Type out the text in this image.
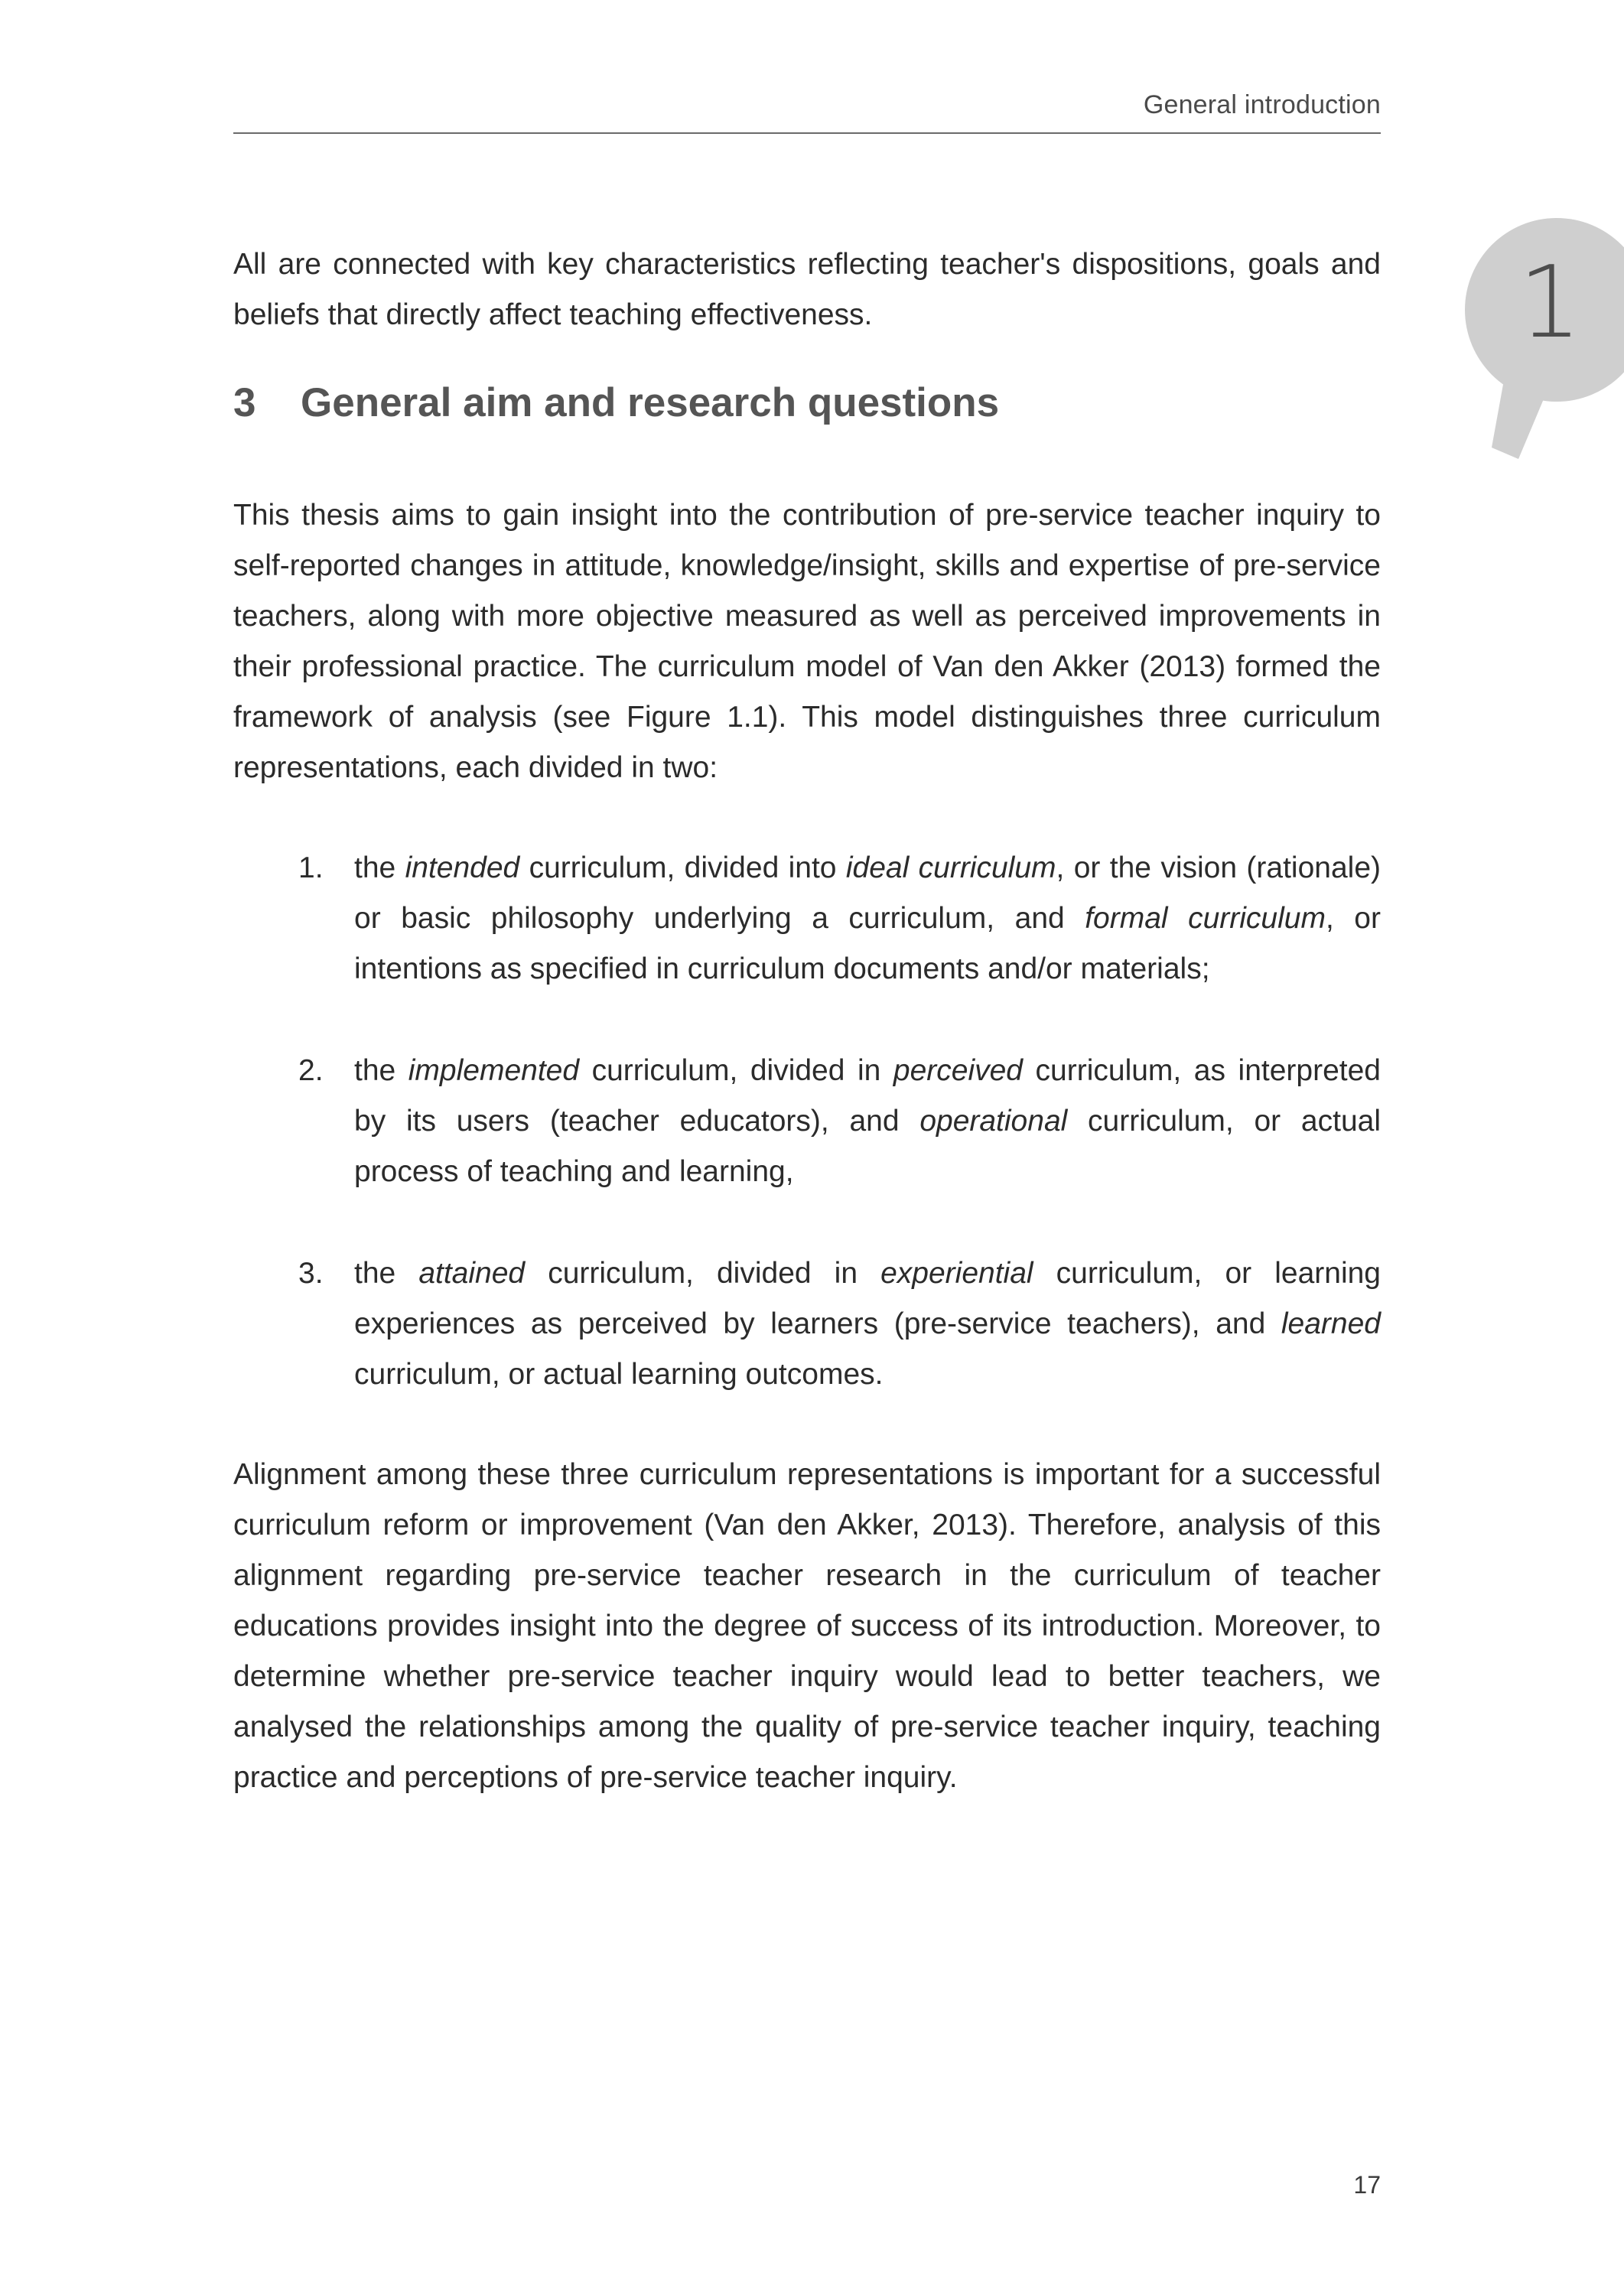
General introduction
1
All are connected with key characteristics reflecting teacher's dispositions, goals and beliefs that directly affect teaching effectiveness.
3 General aim and research questions
This thesis aims to gain insight into the contribution of pre-service teacher inquiry to self-reported changes in attitude, knowledge/insight, skills and expertise of pre-service teachers, along with more objective measured as well as perceived improvements in their professional practice. The curriculum model of Van den Akker (2013) formed the framework of analysis (see Figure 1.1). This model distinguishes three curriculum representations, each divided in two:
1. the intended curriculum, divided into ideal curriculum, or the vision (rationale) or basic philosophy underlying a curriculum, and formal curriculum, or intentions as specified in curriculum documents and/or materials;
2. the implemented curriculum, divided in perceived curriculum, as interpreted by its users (teacher educators), and operational curriculum, or actual process of teaching and learning,
3. the attained curriculum, divided in experiential curriculum, or learning experiences as perceived by learners (pre-service teachers), and learned curriculum, or actual learning outcomes.
Alignment among these three curriculum representations is important for a successful curriculum reform or improvement (Van den Akker, 2013). Therefore, analysis of this alignment regarding pre-service teacher research in the curriculum of teacher educations provides insight into the degree of success of its introduction. Moreover, to determine whether pre-service teacher inquiry would lead to better teachers, we analysed the relationships among the quality of pre-service teacher inquiry, teaching practice and perceptions of pre-service teacher inquiry.
17
